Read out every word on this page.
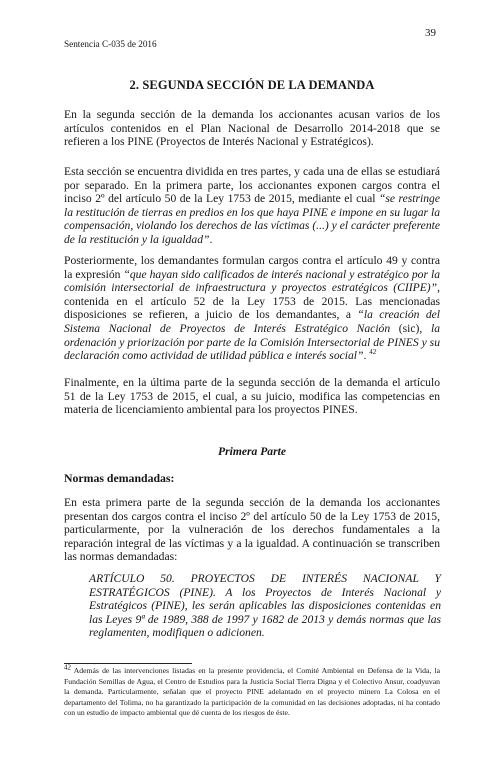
39
Sentencia C-035 de 2016
2. SEGUNDA SECCIÓN DE LA DEMANDA

En la segunda sección de la demanda los accionantes acusan varios de los artículos contenidos en el Plan Nacional de Desarrollo 2014-2018 que se refieren a los PINE (Proyectos de Interés Nacional y Estratégicos).

Esta sección se encuentra dividida en tres partes, y cada una de ellas se estudiará por separado. En la primera parte, los accionantes exponen cargos contra el inciso 2º del artículo 50 de la Ley 1753 de 2015, mediante el cual “se restringe la restitución de tierras en predios en los que haya PINE e impone en su lugar la compensación, violando los derechos de las víctimas (...) y el carácter preferente de la restitución y la igualdad”.

Posteriormente, los demandantes formulan cargos contra el artículo 49 y contra la expresión “que hayan sido calificados de interés nacional y estratégico por la comisión intersectorial de infraestructura y proyectos estratégicos (CIIPE)”, contenida en el artículo 52 de la Ley 1753 de 2015. Las mencionadas disposiciones se refieren, a juicio de los demandantes, a “la creación del Sistema Nacional de Proyectos de Interés Estratégico Nación (sic), la ordenación y priorización por parte de la Comisión Intersectorial de PINES y su declaración como actividad de utilidad pública e interés social”. $^{42}$

Finalmente, en la última parte de la segunda sección de la demanda el artículo 51 de la Ley 1753 de 2015, el cual, a su juicio, modifica las competencias en materia de licenciamiento ambiental para los proyectos PINES.

Primera Parte
Normas demandadas:

En esta primera parte de la segunda sección de la demanda los accionantes presentan dos cargos contra el inciso 2º del artículo 50 de la Ley 1753 de 2015, particularmente, por la vulneración de los derechos fundamentales a la reparación integral de las víctimas y a la igualdad. A continuación se transcriben las normas demandadas:

ARTÍCULO 50. PROYECTOS DE INTERÉS NACIONAL Y ESTRATÉGICOS (PINE). A los Proyectos de Interés Nacional y Estratégicos (PINE), les serán aplicables las disposiciones contenidas en las Leyes 9ª de 1989, 388 de 1997 y 1682 de 2013 y demás normas que las reglamenten, modifiquen o adicionen.

$^{42}$ Además de las intervenciones listadas en la presente providencia, el Comité Ambiental en Defensa de la Vida, la Fundación Semillas de Agua, el Centro de Estudios para la Justicia Social Tierra Digna y el Colectivo Ansur, coadyuvan la demanda. Particularmente, señalan que el proyecto PINE adelantado en el proyecto minero La Colosa en el departamento del Tolima, no ha garantizado la participación de la comunidad en las decisiones adoptadas, ni ha contado con un estudio de impacto ambiental que dé cuenta de los riesgos de éste.
